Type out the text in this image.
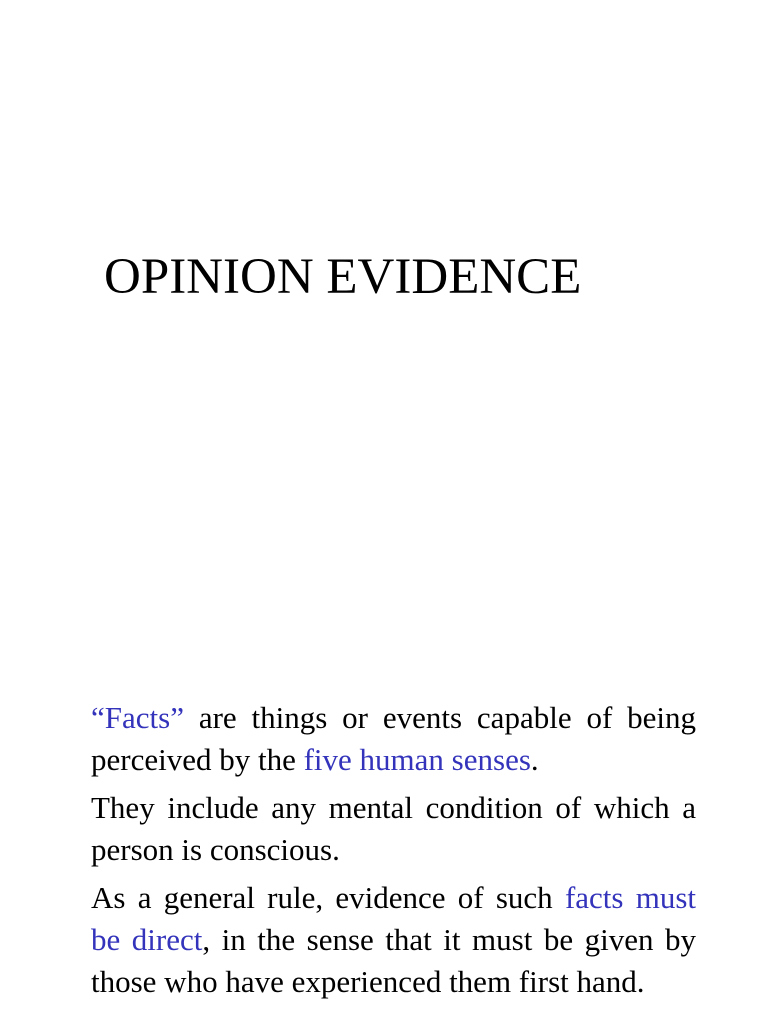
OPINION EVIDENCE

“Facts” are things or events capable of being perceived by the five human senses.

They include any mental condition of which a person is conscious.

As a general rule, evidence of such facts must be direct, in the sense that it must be given by those who have experienced them first hand.
